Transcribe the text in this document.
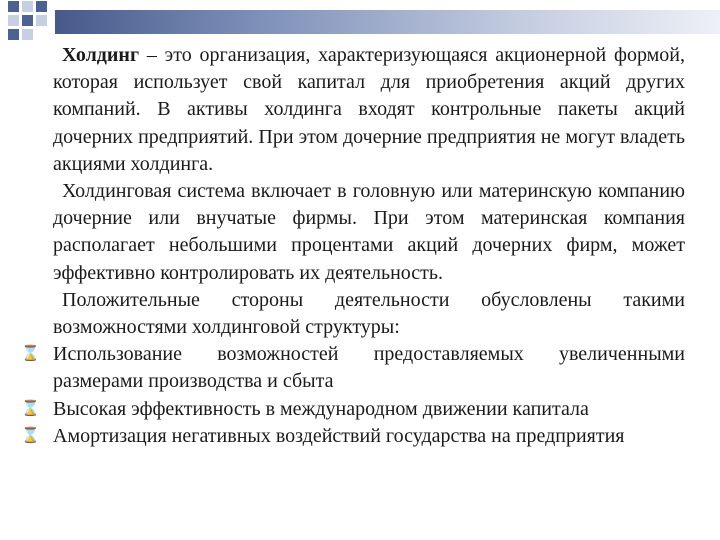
Холдинг – это организация, характеризующаяся акционерной формой, которая использует свой капитал для приобретения акций других компаний. В активы холдинга входят контрольные пакеты акций дочерних предприятий. При этом дочерние предприятия не могут владеть акциями холдинга.

Холдинговая система включает в головную или материнскую компанию дочерние или внучатые фирмы. При этом материнская компания располагает небольшими процентами акций дочерних фирм, может эффективно контролировать их деятельность.

Положительные стороны деятельности обусловлены такими возможностями холдинговой структуры:

⌛ Использование возможностей предоставляемых увеличенными размерами производства и сбыта

⌛ Высокая эффективность в международном движении капитала

⌛ Амортизация негативных воздействий государства на предприятия
